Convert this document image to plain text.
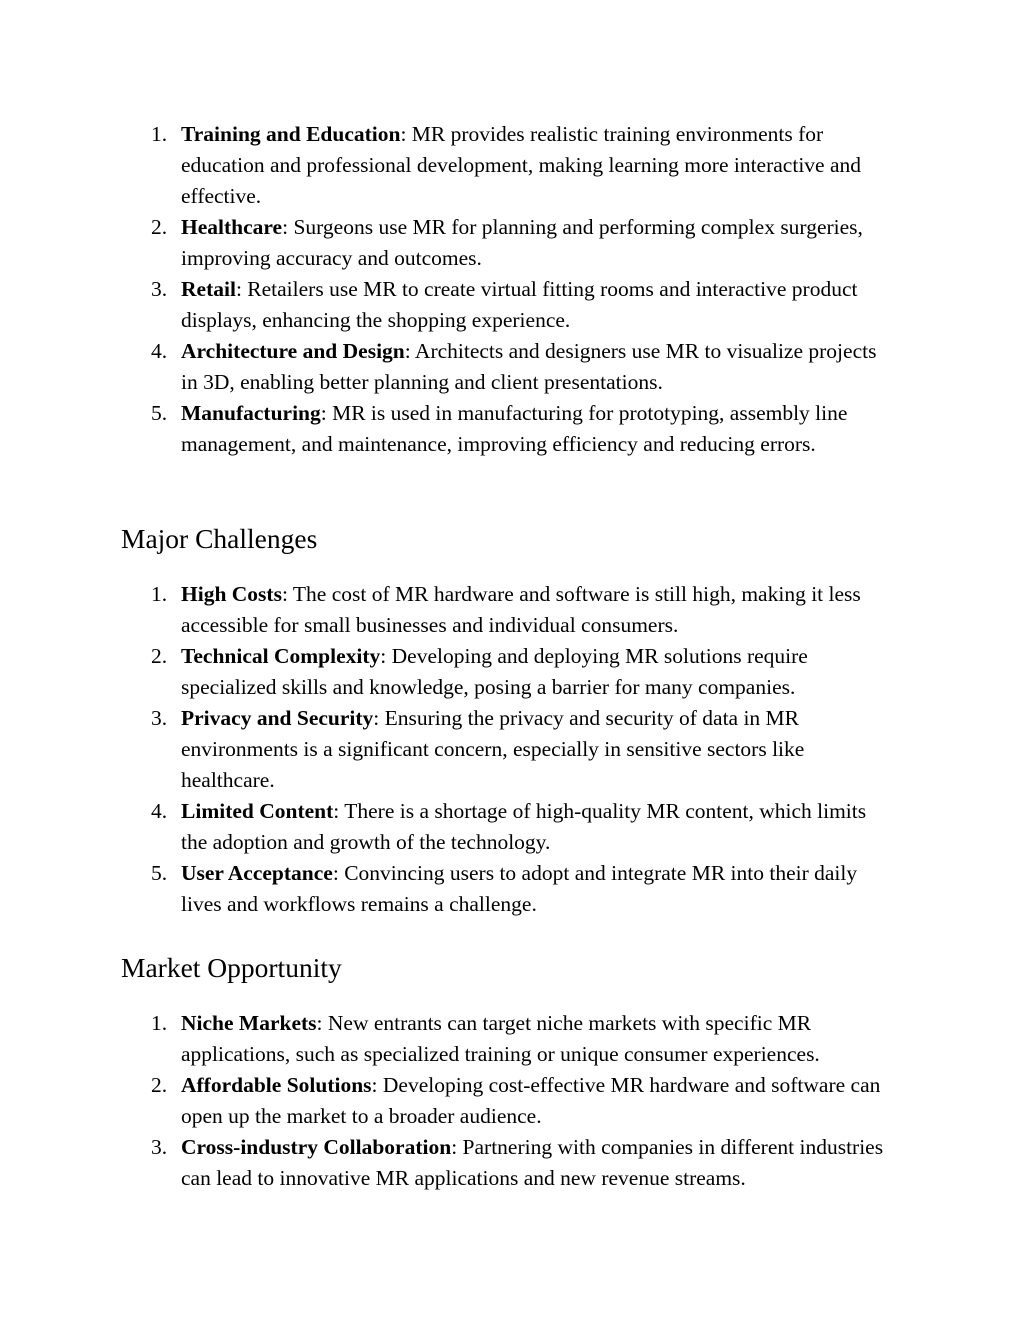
1. Training and Education: MR provides realistic training environments for education and professional development, making learning more interactive and effective.
2. Healthcare: Surgeons use MR for planning and performing complex surgeries, improving accuracy and outcomes.
3. Retail: Retailers use MR to create virtual fitting rooms and interactive product displays, enhancing the shopping experience.
4. Architecture and Design: Architects and designers use MR to visualize projects in 3D, enabling better planning and client presentations.
5. Manufacturing: MR is used in manufacturing for prototyping, assembly line management, and maintenance, improving efficiency and reducing errors.
Major Challenges
1. High Costs: The cost of MR hardware and software is still high, making it less accessible for small businesses and individual consumers.
2. Technical Complexity: Developing and deploying MR solutions require specialized skills and knowledge, posing a barrier for many companies.
3. Privacy and Security: Ensuring the privacy and security of data in MR environments is a significant concern, especially in sensitive sectors like healthcare.
4. Limited Content: There is a shortage of high-quality MR content, which limits the adoption and growth of the technology.
5. User Acceptance: Convincing users to adopt and integrate MR into their daily lives and workflows remains a challenge.
Market Opportunity
1. Niche Markets: New entrants can target niche markets with specific MR applications, such as specialized training or unique consumer experiences.
2. Affordable Solutions: Developing cost-effective MR hardware and software can open up the market to a broader audience.
3. Cross-industry Collaboration: Partnering with companies in different industries can lead to innovative MR applications and new revenue streams.
